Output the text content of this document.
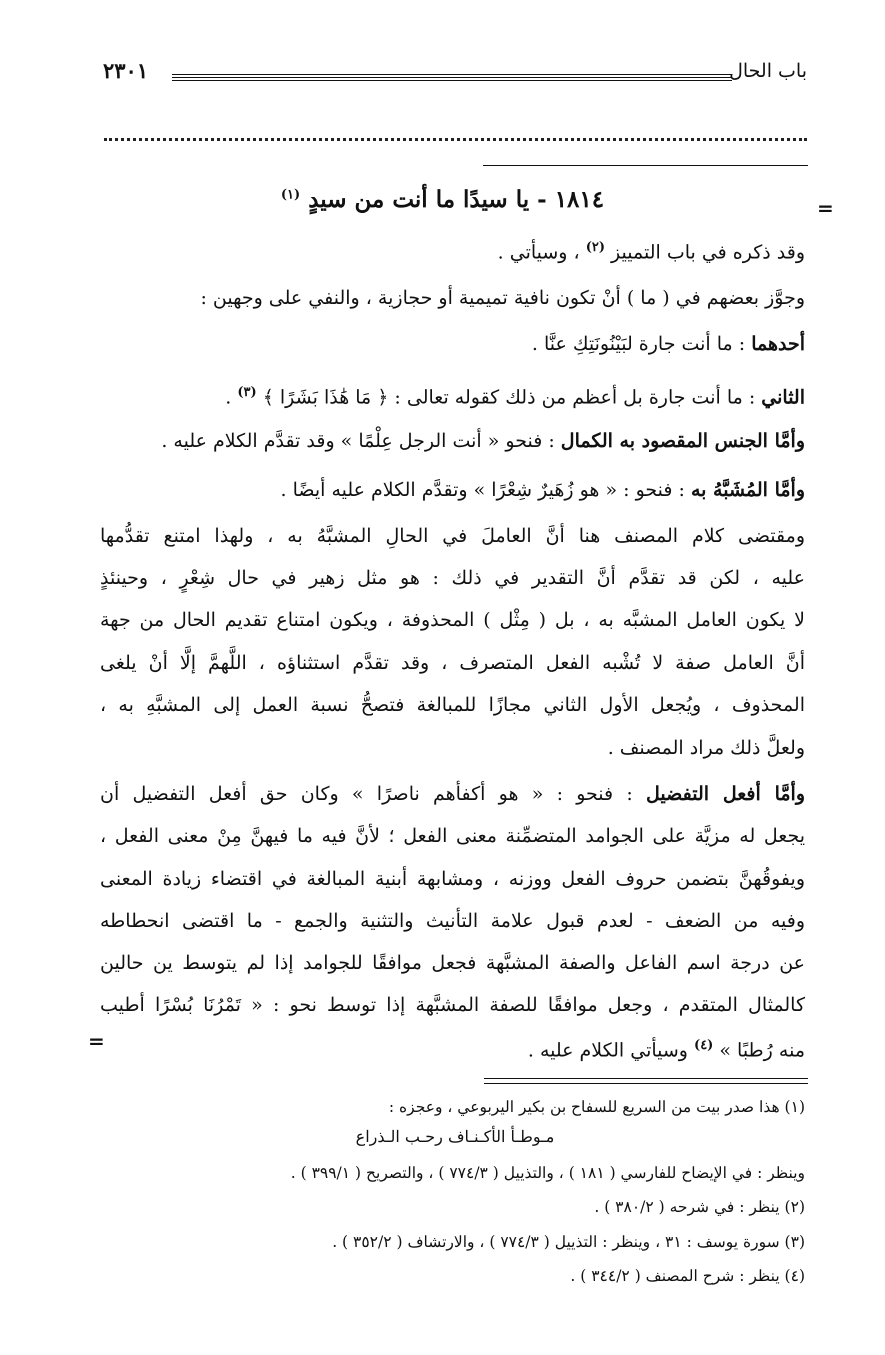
باب الحال
٢٣٠١
=
=
١٨١٤ - يا سيدًا ما أنت من سيدٍ $^{(١)}$
وقد ذكره في باب التمييز $^{(٢)}$ ، وسيأتي .
وجوَّز بعضهم في ( ما ) أنْ تكون نافية تميمية أو حجازية ، والنفي على وجهين :
أحدهما : ما أنت جارة لبَيْنُونَتِكِ عنَّا .
الثاني : ما أنت جارة بل أعظم من ذلك كقوله تعالى : ﴿ مَا هَٰذَا بَشَرًا ﴾ $^{(٣)}$ .
وأمَّا الجنس المقصود به الكمال : فنحو « أنت الرجل عِلْمًا » وقد تقدَّم الكلام عليه .
وأمَّا المُشَبَّهُ به : فنحو : « هو زُهَيرٌ شِعْرًا » وتقدَّم الكلام عليه أيضًا .
ومقتضى كلام المصنف هنا أنَّ العاملَ في الحالِ المشبَّهُ به ، ولهذا امتنع تقدُّمها
عليه ، لكن قد تقدَّم أنَّ التقدير في ذلك : هو مثل زهير في حال شِعْرٍ ، وحينئذٍ
لا يكون العامل المشبَّه به ، بل ( مِثْل ) المحذوفة ، ويكون امتناع تقديم الحال من جهة
أنَّ العامل صفة لا تُشْبه الفعل المتصرف ، وقد تقدَّم استثناؤه ، اللَّهمَّ إلَّا أنْ يلغى
المحذوف ، ويُجعل الأول الثاني مجازًا للمبالغة فتصحُّ نسبة العمل إلى المشبَّهِ به ،
ولعلَّ ذلك مراد المصنف .
وأمَّا أفعل التفضيل : فنحو : « هو أكفأهم ناصرًا » وكان حق أفعل التفضيل أن
يجعل له مزيَّة على الجوامد المتضمِّنة معنى الفعل ؛ لأنَّ فيه ما فيهنَّ مِنْ معنى الفعل ،
ويفوقُهنَّ بتضمن حروف الفعل ووزنه ، ومشابهة أبنية المبالغة في اقتضاء زيادة المعنى
وفيه من الضعف - لعدم قبول علامة التأنيث والتثنية والجمع - ما اقتضى انحطاطه
عن درجة اسم الفاعل والصفة المشبَّهة فجعل موافقًا للجوامد إذا لم يتوسط ين حالين
كالمثال المتقدم ، وجعل موافقًا للصفة المشبَّهة إذا توسط نحو : « تَمْرُنَا بُسْرًا أطيب
منه رُطبًا » $^{(٤)}$ وسيأتي الكلام عليه .
(١) هذا صدر بيت من السريع للسفاح بن بكير اليربوعي ، وعجزه :
مـوطـأ الأكـنـاف رحـب الـذراع
وينظر : في الإيضاح للفارسي ( ١٨١ ) ، والتذييل ( ٧٧٤/٣ ) ، والتصريح ( ٣٩٩/١ ) .
(٢) ينظر : في شرحه ( ٣٨٠/٢ ) .
(٣) سورة يوسف : ٣١ ، وينظر : التذييل ( ٧٧٤/٣ ) ، والارتشاف ( ٣٥٢/٢ ) .
(٤) ينظر : شرح المصنف ( ٣٤٤/٢ ) .
